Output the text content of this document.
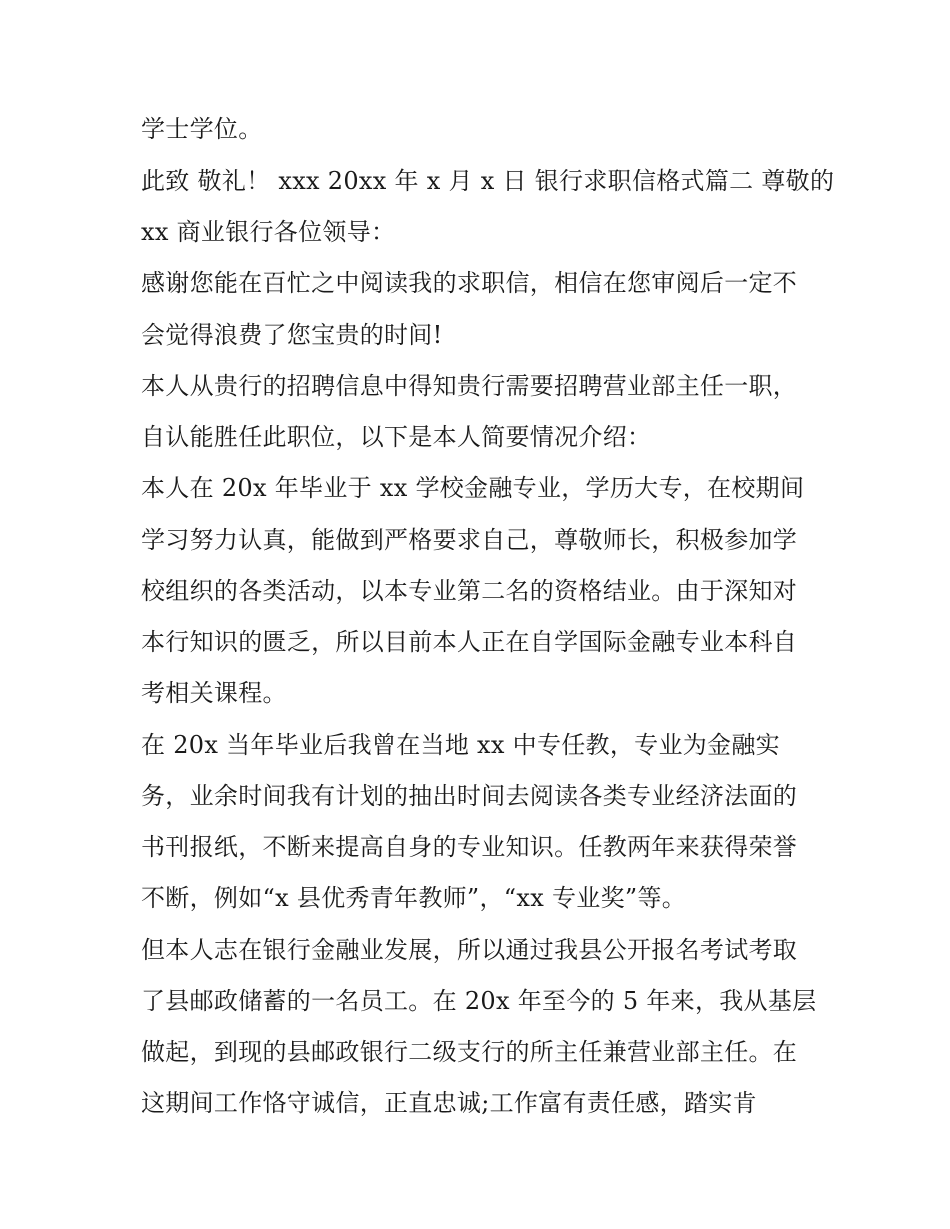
学士学位。
此致 敬礼！ xxx 20xx 年 x 月 x 日 银行求职信格式篇二 尊敬的
xx 商业银行各位领导：
感谢您能在百忙之中阅读我的求职信，相信在您审阅后一定不
会觉得浪费了您宝贵的时间!
本人从贵行的招聘信息中得知贵行需要招聘营业部主任一职，
自认能胜任此职位，以下是本人简要情况介绍：
本人在 20x 年毕业于 xx 学校金融专业，学历大专，在校期间
学习努力认真，能做到严格要求自己，尊敬师长，积极参加学
校组织的各类活动，以本专业第二名的资格结业。由于深知对
本行知识的匮乏，所以目前本人正在自学国际金融专业本科自
考相关课程。
在 20x 当年毕业后我曾在当地 xx 中专任教，专业为金融实
务，业余时间我有计划的抽出时间去阅读各类专业经济法面的
书刊报纸，不断来提高自身的专业知识。任教两年来获得荣誉
不断，例如“x 县优秀青年教师”，“xx 专业奖”等。
但本人志在银行金融业发展，所以通过我县公开报名考试考取
了县邮政储蓄的一名员工。在 20x 年至今的 5 年来，我从基层
做起，到现的县邮政银行二级支行的所主任兼营业部主任。在
这期间工作恪守诚信，正直忠诚;工作富有责任感，踏实肯
